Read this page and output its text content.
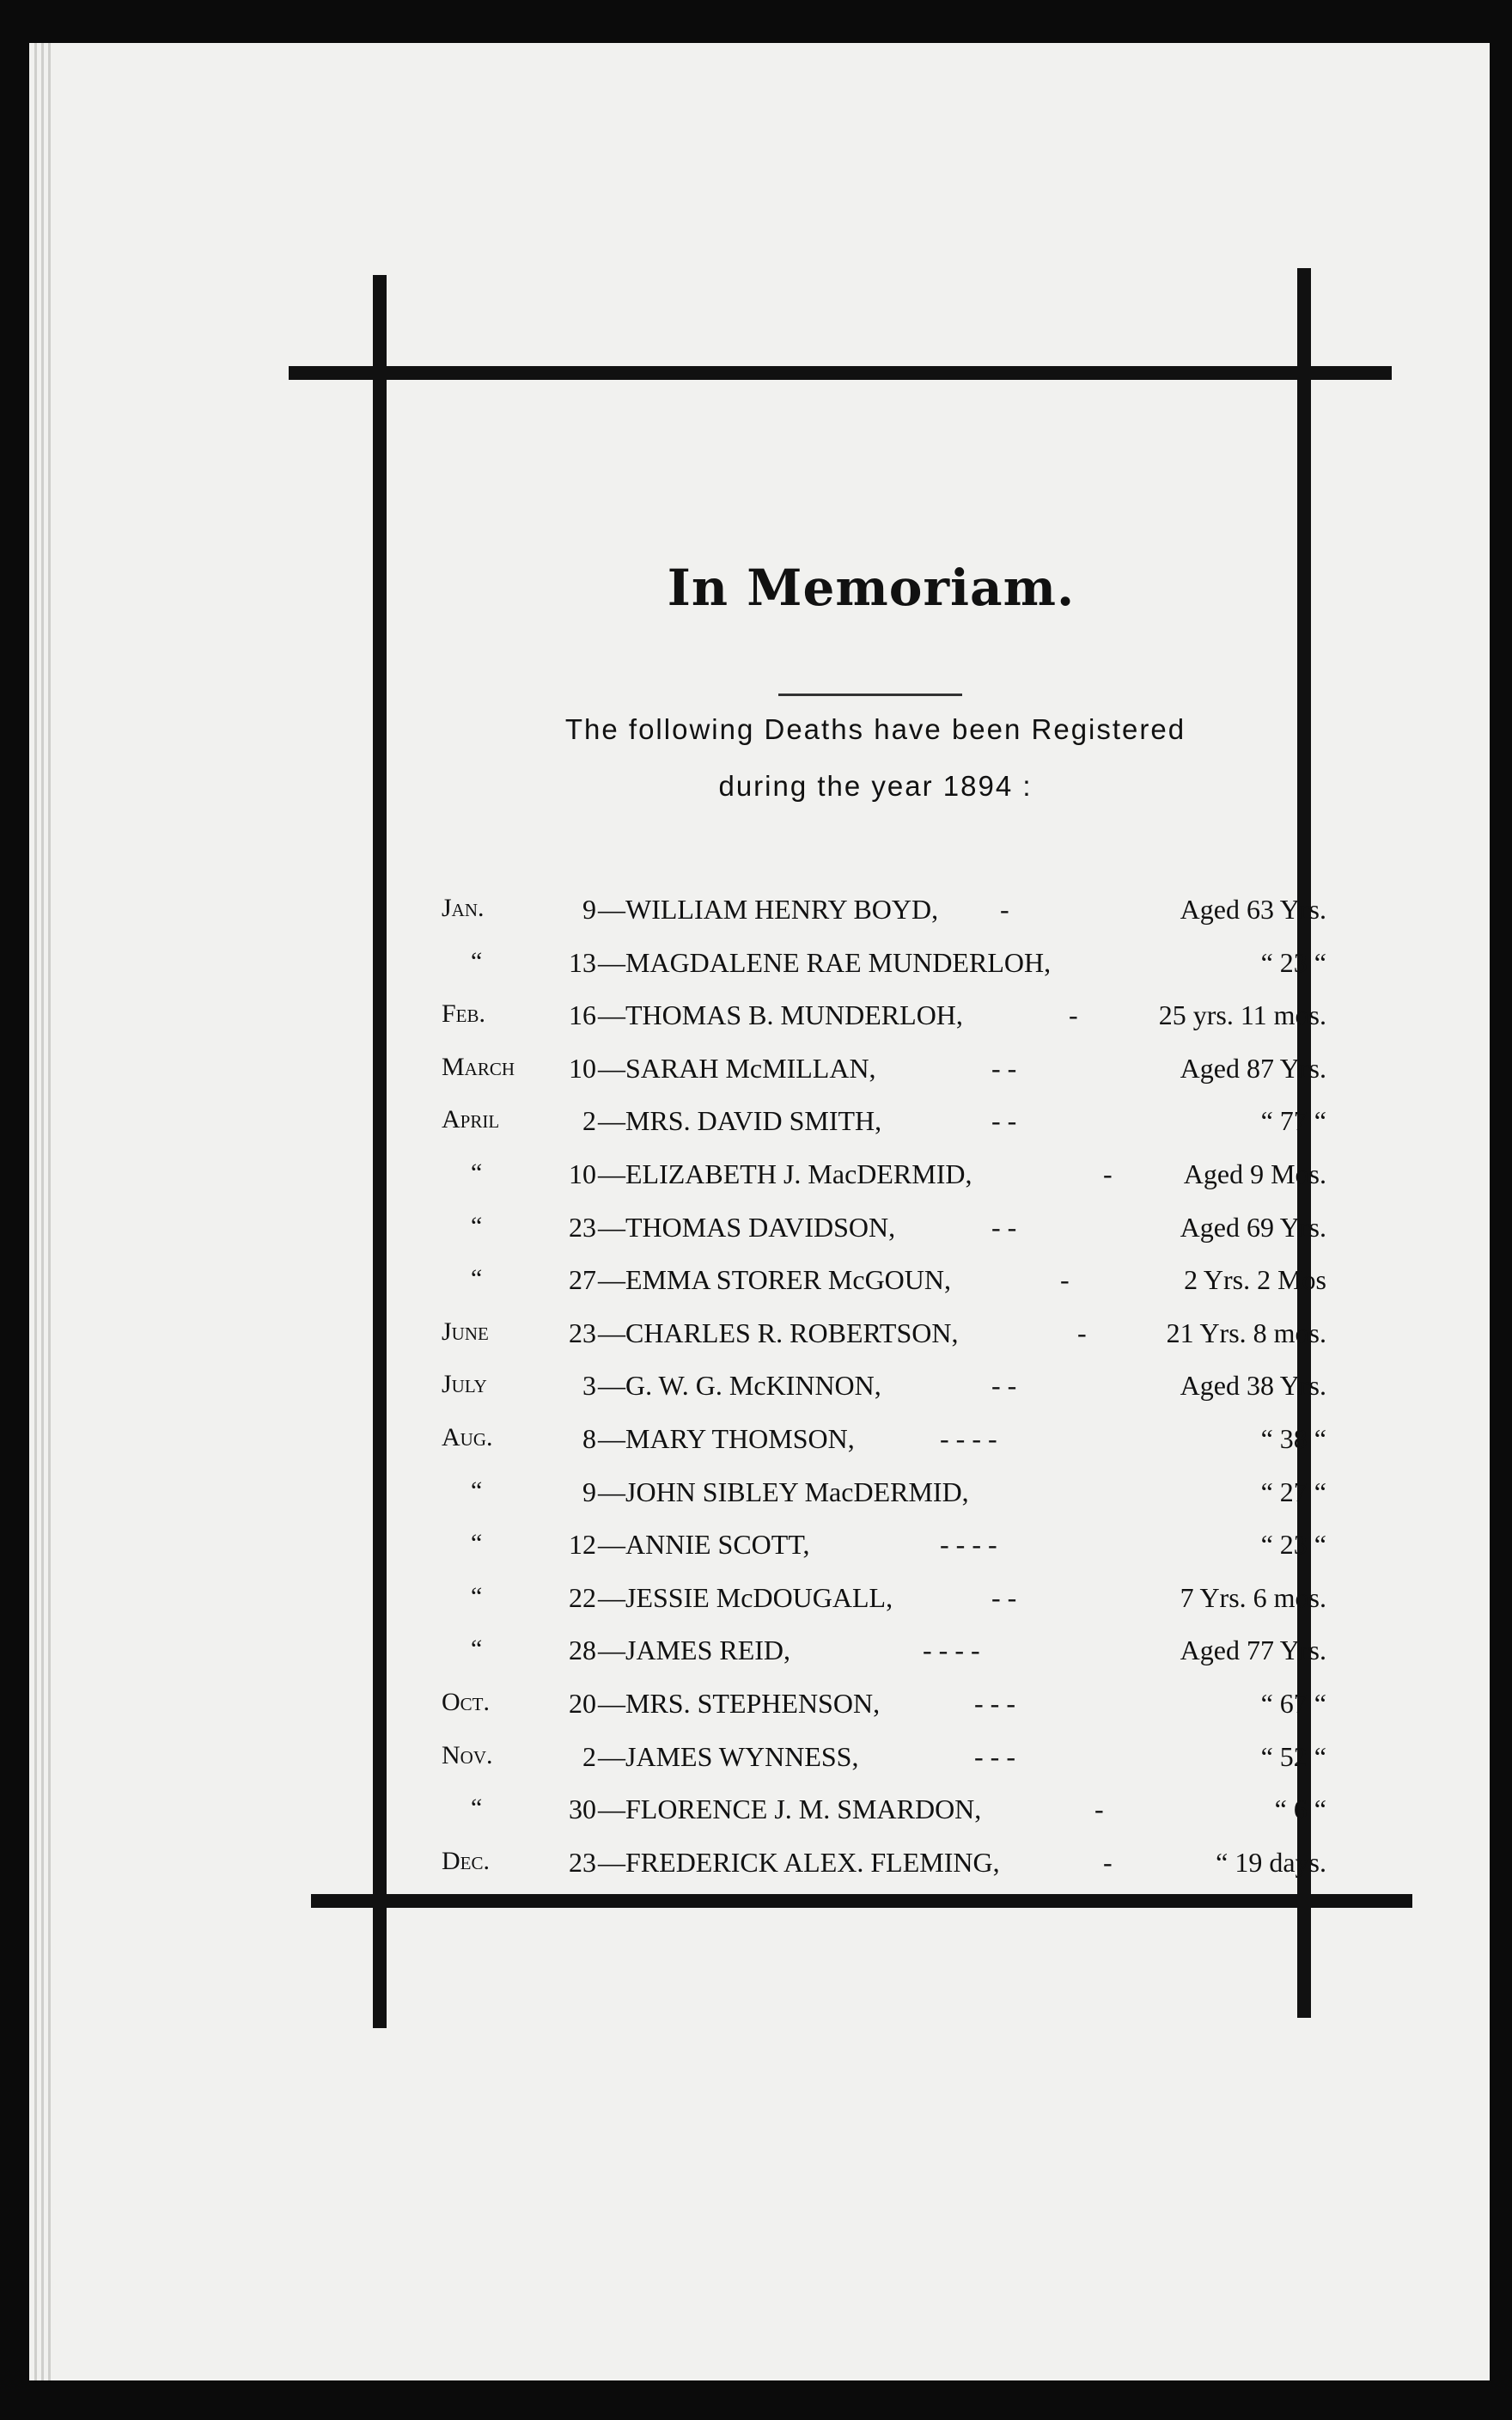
In Memoriam.
The following Deaths have been Registered
during the year 1894 :
Jan.	9 —WILLIAM HENRY BOYD, -	Aged 63 Yrs.
“	13 —MAGDALENE RAE MUNDERLOH,	“ 23 “
Feb.	16 —THOMAS B. MUNDERLOH,	-	25 yrs. 11 mos.
March	10 —SARAH McMILLAN,	- -	Aged 87 Yrs.
April	2 —MRS. DAVID SMITH,	- -	“ 77 “
“	10 —ELIZABETH J. MacDERMID,	-	Aged 9 Mos.
“	23 —THOMAS DAVIDSON,	- -	Aged 69 Yrs.
“	27 —EMMA STORER McGOUN,	-	2 Yrs. 2 Mos
June	23 —CHARLES R. ROBERTSON,	-	21 Yrs. 8 mos.
July	3 —G. W. G. McKINNON,	- -	Aged 38 Yrs.
Aug.	8 —MARY THOMSON,	- - - -	“ 38 “
“	9 —JOHN SIBLEY MacDERMID,	“ 27 “
“	12 —ANNIE SCOTT,	- - - -	“ 23 “
“	22 —JESSIE McDOUGALL,	- -	7 Yrs. 6 mos.
“	28 —JAMES REID,	- - - -	Aged 77 Yrs.
Oct.	20 —MRS. STEPHENSON,	- - -	“ 67 “
Nov.	2 —JAMES WYNNESS,	- - -	“ 52 “
“	30 —FLORENCE J. M. SMARDON,	-	“ 6 “
Dec.	23 —FREDERICK ALEX. FLEMING,	-	“ 19 days.
